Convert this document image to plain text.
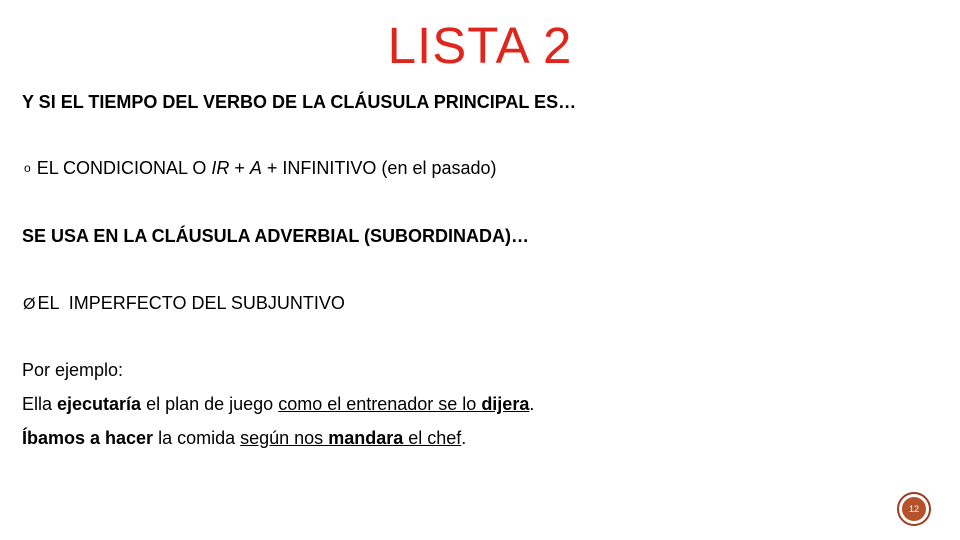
LISTA 2
Y SI EL TIEMPO DEL VERBO DE LA CLÁUSULA PRINCIPAL ES…
o EL CONDICIONAL O IR + A + INFINITIVO (en el pasado)
SE USA EN LA CLÁUSULA ADVERBIAL (SUBORDINADA)…
Ø EL  IMPERFECTO DEL SUBJUNTIVO
Por ejemplo:
Ella ejecutaría el plan de juego como el entrenador se lo dijera.
Íbamos a hacer la comida según nos mandara el chef.
12
